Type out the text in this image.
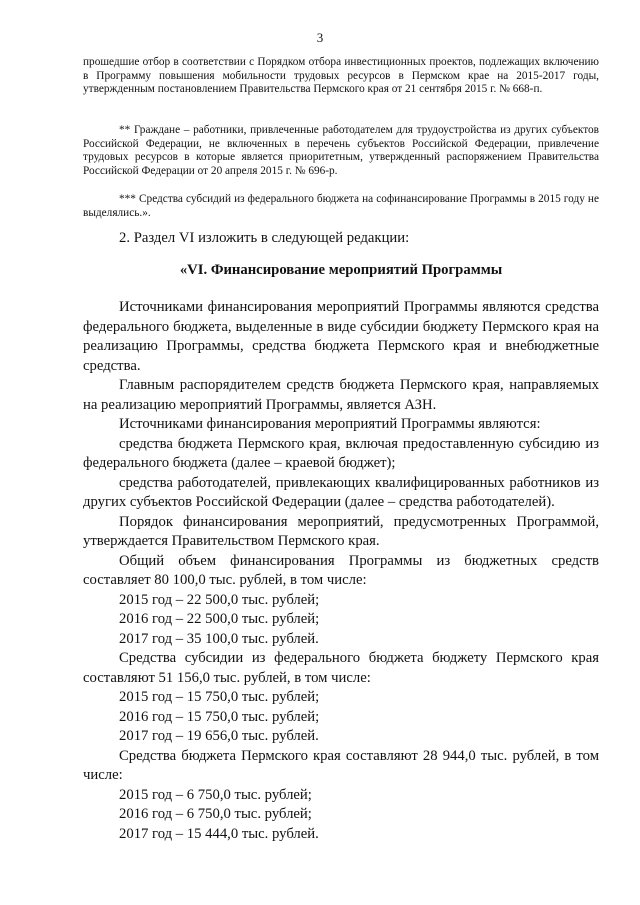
3

прошедшие отбор в соответствии с Порядком отбора инвестиционных проектов, подлежащих включению в Программу повышения мобильности трудовых ресурсов в Пермском крае на 2015-2017 годы, утвержденным постановлением Правительства Пермского края от 21 сентября 2015 г. № 668-п.

** Граждане – работники, привлеченные работодателем для трудоустройства из других субъектов Российской Федерации, не включенных в перечень субъектов Российской Федерации, привлечение трудовых ресурсов в которые является приоритетным, утвержденный распоряжением Правительства Российской Федерации от 20 апреля 2015 г. № 696-р.

*** Средства субсидий из федерального бюджета на софинансирование Программы в 2015 году не выделялись.».

2. Раздел VI изложить в следующей редакции:

«VI. Финансирование мероприятий Программы

Источниками финансирования мероприятий Программы являются средства федерального бюджета, выделенные в виде субсидии бюджету Пермского края на реализацию Программы, средства бюджета Пермского края и внебюджетные средства.

Главным распорядителем средств бюджета Пермского края, направляемых на реализацию мероприятий Программы, является АЗН.

Источниками финансирования мероприятий Программы являются:

средства бюджета Пермского края, включая предоставленную субсидию из федерального бюджета (далее – краевой бюджет);

средства работодателей, привлекающих квалифицированных работников из других субъектов Российской Федерации (далее – средства работодателей).

Порядок финансирования мероприятий, предусмотренных Программой, утверждается Правительством Пермского края.

Общий объем финансирования Программы из бюджетных средств составляет 80 100,0 тыс. рублей, в том числе:

2015 год – 22 500,0 тыс. рублей;

2016 год – 22 500,0 тыс. рублей;

2017 год – 35 100,0 тыс. рублей.

Средства субсидии из федерального бюджета бюджету Пермского края составляют 51 156,0 тыс. рублей, в том числе:

2015 год – 15 750,0 тыс. рублей;

2016 год – 15 750,0 тыс. рублей;

2017 год – 19 656,0 тыс. рублей.

Средства бюджета Пермского края составляют 28 944,0 тыс. рублей, в том числе:

2015 год – 6 750,0 тыс. рублей;

2016 год – 6 750,0 тыс. рублей;

2017 год – 15 444,0 тыс. рублей.
